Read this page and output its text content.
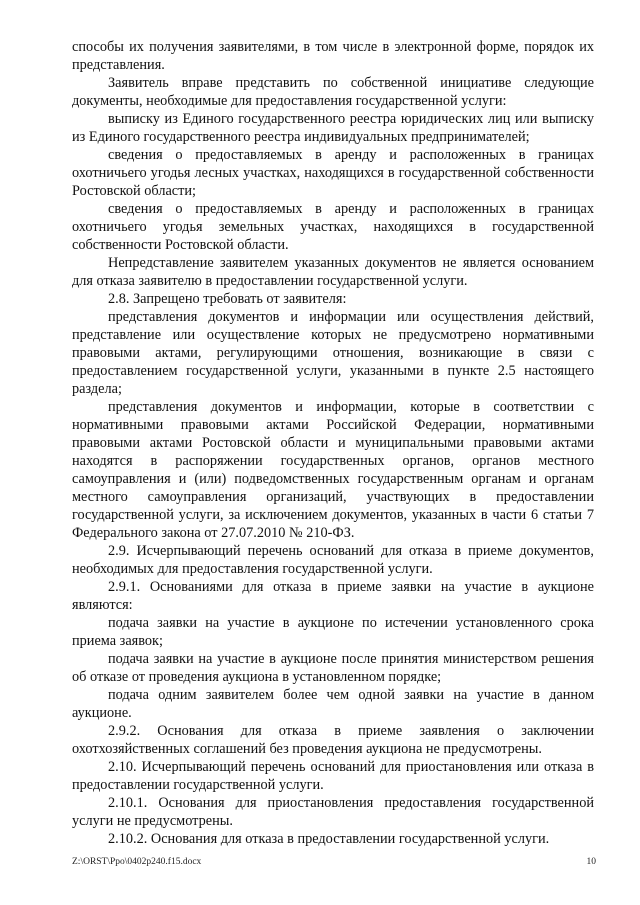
способы их получения заявителями, в том числе в электронной форме, порядок их представления.

Заявитель вправе представить по собственной инициативе следующие документы, необходимые для предоставления государственной услуги:

выписку из Единого государственного реестра юридических лиц или выписку из Единого государственного реестра индивидуальных предпринимателей;

сведения о предоставляемых в аренду и расположенных в границах охотничьего угодья лесных участках, находящихся в государственной собственности Ростовской области;

сведения о предоставляемых в аренду и расположенных в границах охотничьего угодья земельных участках, находящихся в государственной собственности Ростовской области.

Непредставление заявителем указанных документов не является основанием для отказа заявителю в предоставлении государственной услуги.

2.8. Запрещено требовать от заявителя:

представления документов и информации или осуществления действий, представление или осуществление которых не предусмотрено нормативными правовыми актами, регулирующими отношения, возникающие в связи с предоставлением государственной услуги, указанными в пункте 2.5 настоящего раздела;

представления документов и информации, которые в соответствии с нормативными правовыми актами Российской Федерации, нормативными правовыми актами Ростовской области и муниципальными правовыми актами находятся в распоряжении государственных органов, органов местного самоуправления и (или) подведомственных государственным органам и органам местного самоуправления организаций, участвующих в предоставлении государственной услуги, за исключением документов, указанных в части 6 статьи 7 Федерального закона от 27.07.2010 № 210-ФЗ.

2.9. Исчерпывающий перечень оснований для отказа в приеме документов, необходимых для предоставления государственной услуги.

2.9.1. Основаниями для отказа в приеме заявки на участие в аукционе являются:

подача заявки на участие в аукционе по истечении установленного срока приема заявок;

подача заявки на участие в аукционе после принятия министерством решения об отказе от проведения аукциона в установленном порядке;

подача одним заявителем более чем одной заявки на участие в данном аукционе.

2.9.2. Основания для отказа в приеме заявления о заключении охотхозяйственных соглашений без проведения аукциона не предусмотрены.

2.10. Исчерпывающий перечень оснований для приостановления или отказа в предоставлении государственной услуги.

2.10.1. Основания для приостановления предоставления государственной услуги не предусмотрены.

2.10.2. Основания для отказа в предоставлении государственной услуги.

Z:\ORST\Ppo\0402p240.f15.docx	10
